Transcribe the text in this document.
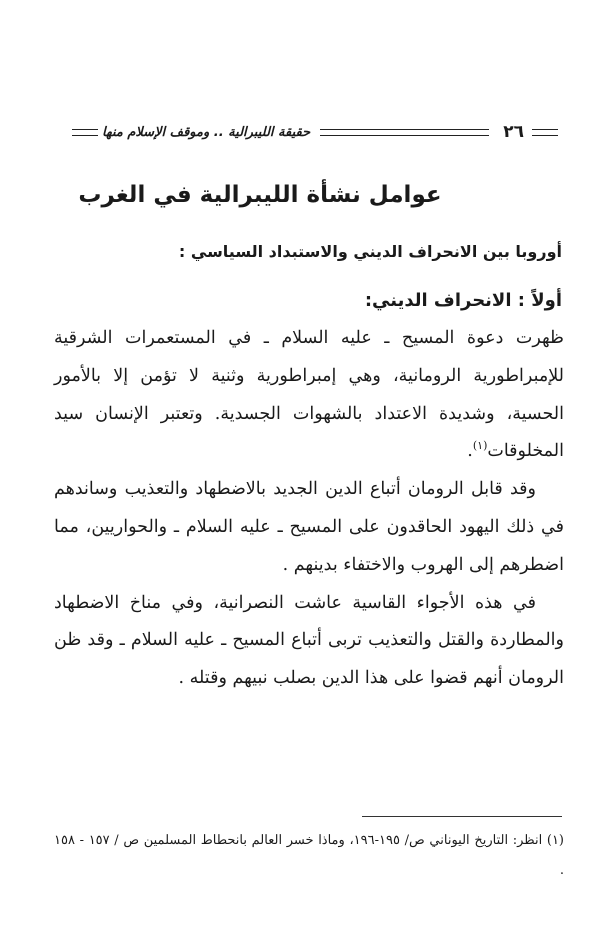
٢٦
حقيقة الليبرالية .. وموقف الإسلام منها
عوامل نشأة الليبرالية في الغرب
أوروبا بين الانحراف الديني والاستبداد السياسي :
أولاً : الانحراف الديني:

ظهرت دعوة المسيح ـ عليه السلام ـ في المستعمرات الشرقية للإمبراطورية الرومانية، وهي إمبراطورية وثنية لا تؤمن إلا بالأمور الحسية، وشديدة الاعتداد بالشهوات الجسدية. وتعتبر الإنسان سيد المخلوقات$^{(١)}$.

وقد قابل الرومان أتباع الدين الجديد بالاضطهاد والتعذيب وساندهم في ذلك اليهود الحاقدون على المسيح ـ عليه السلام ـ والحواريين، مما اضطرهم إلى الهروب والاختفاء بدينهم .

في هذه الأجواء القاسية عاشت النصرانية، وفي مناخ الاضطهاد والمطاردة والقتل والتعذيب تربى أتباع المسيح ـ عليه السلام ـ وقد ظن الرومان أنهم قضوا على هذا الدين بصلب نبيهم وقتله .

(١) انظر: التاريخ اليوناني ص/ ١٩٥-١٩٦، وماذا خسر العالم بانحطاط المسلمين ص / ١٥٧ - ١٥٨ .
